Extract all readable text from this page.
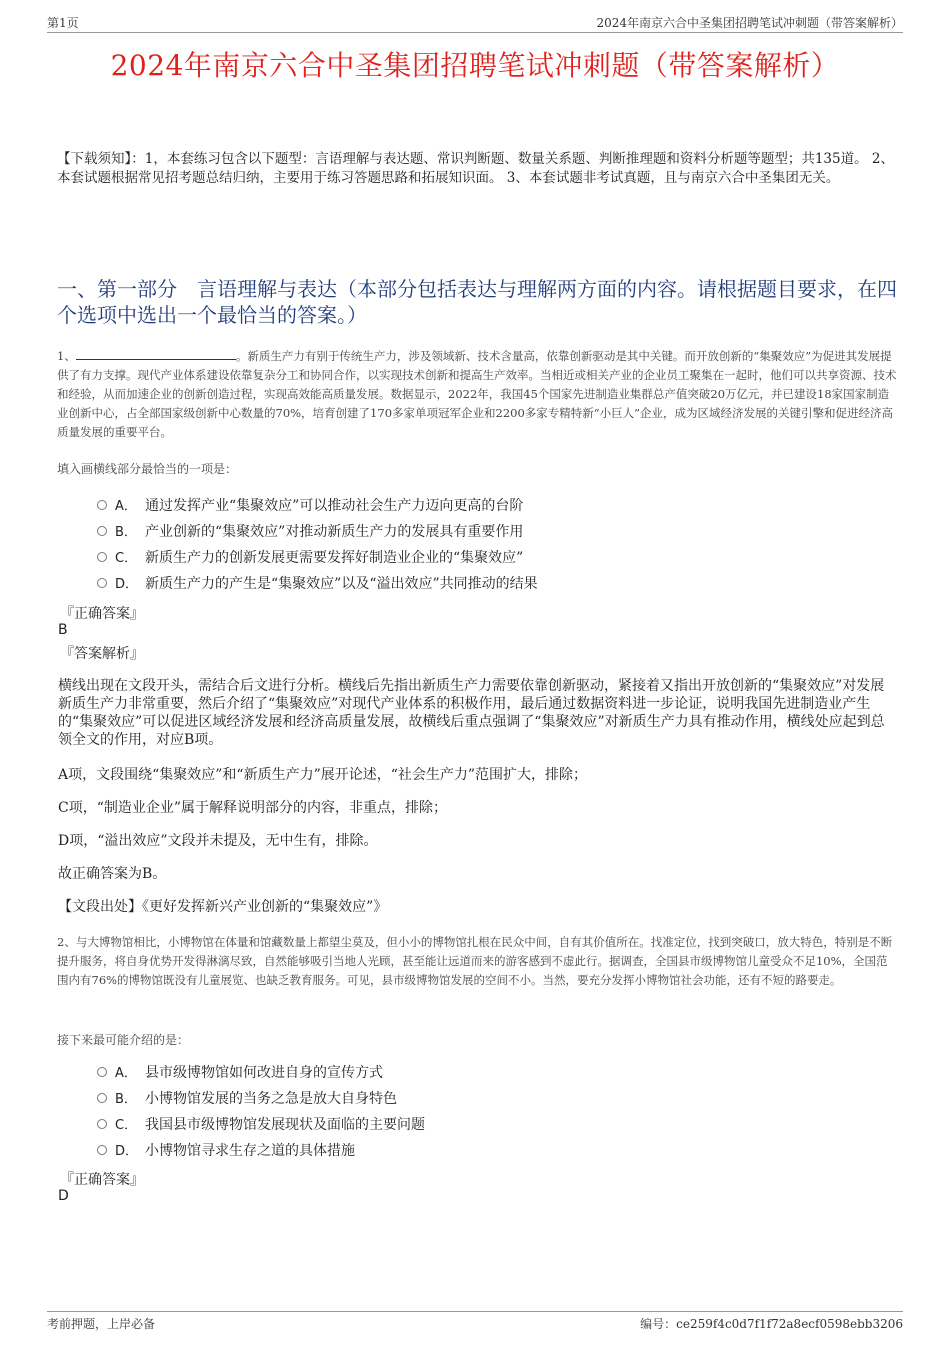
第1页	2024年南京六合中圣集团招聘笔试冲刺题（带答案解析）
2024年南京六合中圣集团招聘笔试冲刺题（带答案解析）
【下载须知】：1，本套练习包含以下题型：言语理解与表达题、常识判断题、数量关系题、判断推理题和资料分析题等题型；共135道。 2、本套试题根据常见招考题总结归纳，主要用于练习答题思路和拓展知识面。 3、本套试题非考试真题，且与南京六合中圣集团无关。
一、第一部分　言语理解与表达（本部分包括表达与理解两方面的内容。请根据题目要求，在四个选项中选出一个最恰当的答案。）
1、	。新质生产力有别于传统生产力，涉及领域新、技术含量高，依靠创新驱动是其中关键。而开放创新的“集聚效应”为促进其发展提供了有力支撑。现代产业体系建设依靠复杂分工和协同合作，以实现技术创新和提高生产效率。当相近或相关产业的企业员工聚集在一起时，他们可以共享资源、技术和经验，从而加速企业的创新创造过程，实现高效能高质量发展。数据显示，2022年，我国45个国家先进制造业集群总产值突破20万亿元，并已建设18家国家制造业创新中心，占全部国家级创新中心数量的70%，培育创建了170多家单项冠军企业和2200多家专精特新“小巨人”企业，成为区域经济发展的关键引擎和促进经济高质量发展的重要平台。
填入画横线部分最恰当的一项是：
A． 通过发挥产业“集聚效应”可以推动社会生产力迈向更高的台阶
B． 产业创新的“集聚效应”对推动新质生产力的发展具有重要作用
C． 新质生产力的创新发展更需要发挥好制造业企业的“集聚效应”
D． 新质生产力的产生是“集聚效应”以及“溢出效应”共同推动的结果
『正确答案』
B
『答案解析』
横线出现在文段开头，需结合后文进行分析。横线后先指出新质生产力需要依靠创新驱动，紧接着又指出开放创新的“集聚效应”对发展新质生产力非常重要，然后介绍了“集聚效应”对现代产业体系的积极作用，最后通过数据资料进一步论证，说明我国先进制造业产生的“集聚效应”可以促进区域经济发展和经济高质量发展，故横线后重点强调了“集聚效应”对新质生产力具有推动作用，横线处应起到总领全文的作用，对应B项。
A项，文段围绕“集聚效应”和“新质生产力”展开论述，“社会生产力”范围扩大，排除；
C项，“制造业企业”属于解释说明部分的内容，非重点，排除；
D项，“溢出效应”文段并未提及，无中生有，排除。
故正确答案为B。
【文段出处】《更好发挥新兴产业创新的“集聚效应”》
2、与大博物馆相比，小博物馆在体量和馆藏数量上都望尘莫及，但小小的博物馆扎根在民众中间，自有其价值所在。找准定位，找到突破口，放大特色，特别是不断提升服务，将自身优势开发得淋漓尽致，自然能够吸引当地人光顾，甚至能让远道而来的游客感到不虚此行。据调查，全国县市级博物馆儿童受众不足10%，全国范围内有76%的博物馆既没有儿童展览、也缺乏教育服务。可见，县市级博物馆发展的空间不小。当然，要充分发挥小博物馆社会功能，还有不短的路要走。
接下来最可能介绍的是：
A． 县市级博物馆如何改进自身的宣传方式
B． 小博物馆发展的当务之急是放大自身特色
C． 我国县市级博物馆发展现状及面临的主要问题
D． 小博物馆寻求生存之道的具体措施
『正确答案』
D
考前押题，上岸必备	编号：ce259f4c0d7f1f72a8ecf0598ebb3206
